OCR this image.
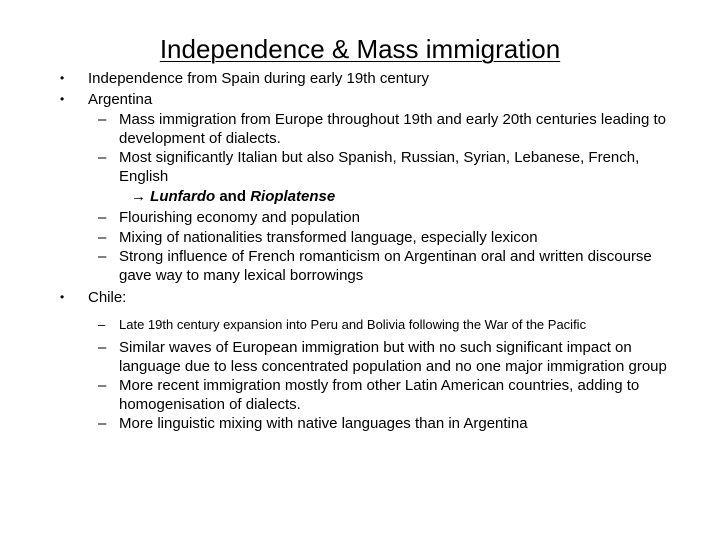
Independence & Mass immigration
• Independence from Spain during early 19th century
• Argentina
– Mass immigration from Europe throughout 19th and early 20th centuries leading to development of dialects.
– Most significantly Italian but also Spanish, Russian, Syrian, Lebanese, French, English
→ Lunfardo and Rioplatense
– Flourishing economy and population
– Mixing of nationalities transformed language, especially lexicon
– Strong influence of French romanticism on Argentinan oral and written discourse gave way to many lexical borrowings
• Chile:
– Late 19th century expansion into Peru and Bolivia following the War of the Pacific
– Similar waves of European immigration but with no such significant impact on language due to less concentrated population and no one major immigration group
– More recent immigration mostly from other Latin American countries, adding to homogenisation of dialects.
– More linguistic mixing with native languages than in Argentina
